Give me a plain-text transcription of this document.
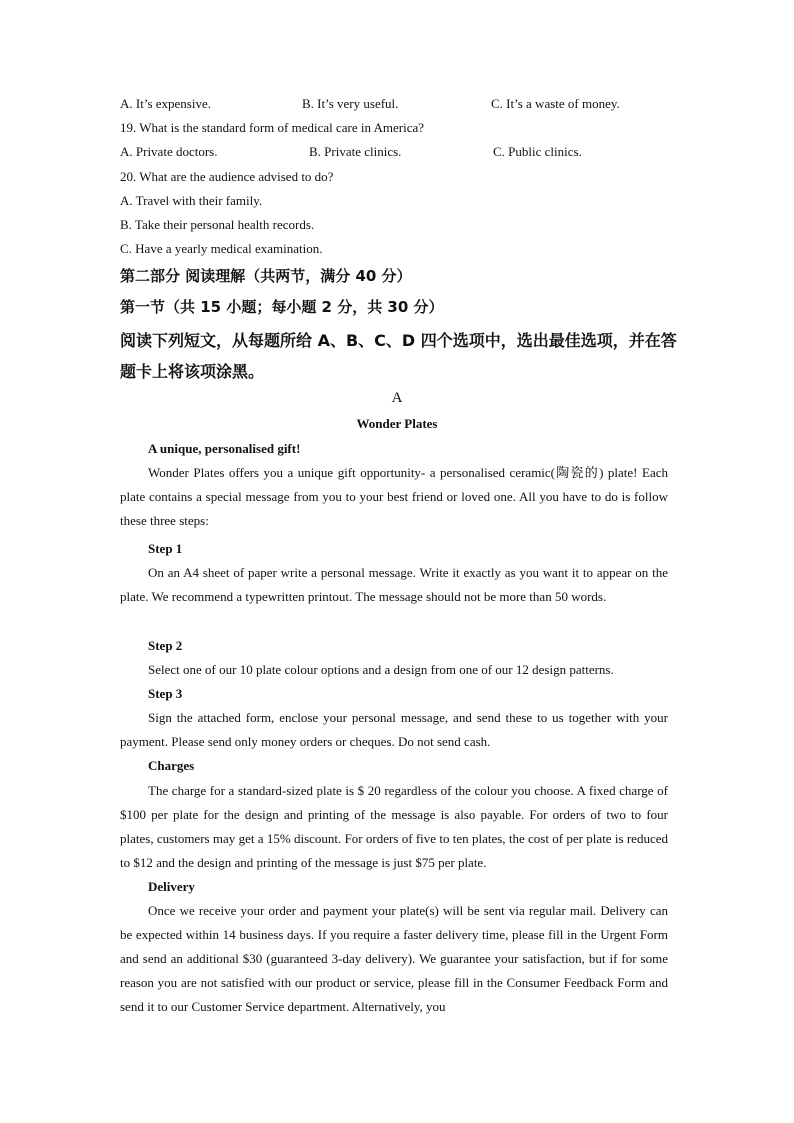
A. It’s expensive.	B. It’s very useful.	C. It’s a waste of money.
19. What is the standard form of medical care in America?
A. Private doctors.	B. Private clinics.	C. Public clinics.
20. What are the audience advised to do?
A. Travel with their family.
B. Take their personal health records.
C. Have a yearly medical examination.
第二部分 阅读理解（共两节，满分 40 分）
第一节（共 15 小题；每小题 2 分，共 30 分）
阅读下列短文，从每题所给 A、B、C、D 四个选项中，选出最佳选项，并在答
题卡上将该项涂黑。
A
Wonder Plates
A unique, personalised gift!

Wonder Plates offers you a unique gift opportunity- a personalised ceramic(陶瓷的) plate! Each plate contains a special message from you to your best friend or loved one. All you have to do is follow these three steps:

Step 1

On an A4 sheet of paper write a personal message. Write it exactly as you want it to appear on the plate. We recommend a typewritten printout. The message should not be more than 50 words.

Step 2

Select one of our 10 plate colour options and a design from one of our 12 design patterns.

Step 3

Sign the attached form, enclose your personal message, and send these to us together with your payment. Please send only money orders or cheques. Do not send cash.

Charges

The charge for a standard-sized plate is $ 20 regardless of the colour you choose. A fixed charge of $100 per plate for the design and printing of the message is also payable. For orders of two to four plates, customers may get a 15% discount. For orders of five to ten plates, the cost of per plate is reduced to $12 and the design and printing of the message is just $75 per plate.

Delivery

Once we receive your order and payment your plate(s) will be sent via regular mail. Delivery can be expected within 14 business days. If you require a faster delivery time, please fill in the Urgent Form and send an additional $30 (guaranteed 3-day delivery). We guarantee your satisfaction, but if for some reason you are not satisfied with our product or service, please fill in the Consumer Feedback Form and send it to our Customer Service department. Alternatively, you
